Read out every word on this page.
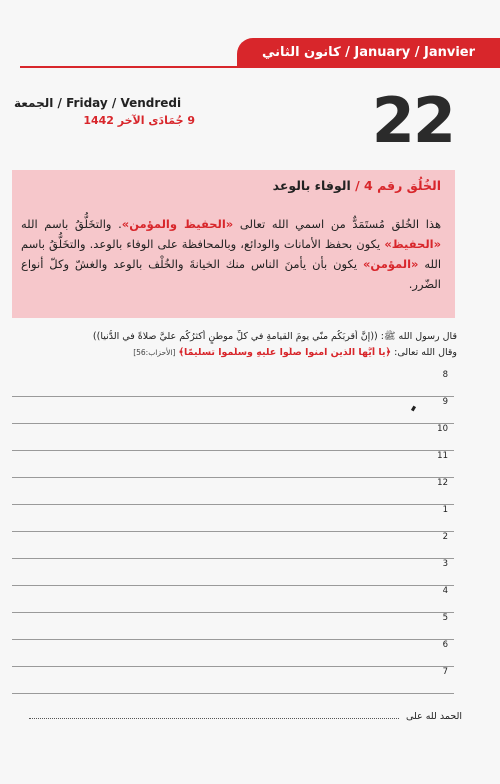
كانون الثاني / January / Janvier
22
الجمعة / Friday / Vendredi
9 جُمَادَى الآخر 1442
الخُلُق رقم 4 / الوفاء بالوعد
هذا الخُلق مُستَمَدٌّ من اسمي الله تعالى «الحفيظ والمؤمن». والتخَلُّقُ باسم الله «الحفيظ» يكون بحفظ الأمانات والودائع، وبالمحافظة على الوفاء بالوعد. والتخَلُّقُ باسم الله «المؤمن» يكون بأن يأمنَ الناس منك الخيانةَ والخُلْف بالوعد والغشّ وكلّ أنواع الضّرر.
قال رسول الله ﷺ: ((إنَّ أقربَكُم منّي يومَ القيامةِ في كلِّ موطنٍ أكثرُكُم عليَّ صلاةً في الدُّنيا))
وقال الله تعالى: ﴿يا أيُّها الذين آمنوا صلُّوا عليهِ وسلِّموا تسليمًا﴾ [الأحزاب:56]
8
9
10
11
12
1
2
3
4
5
6
7
الحمد لله على
